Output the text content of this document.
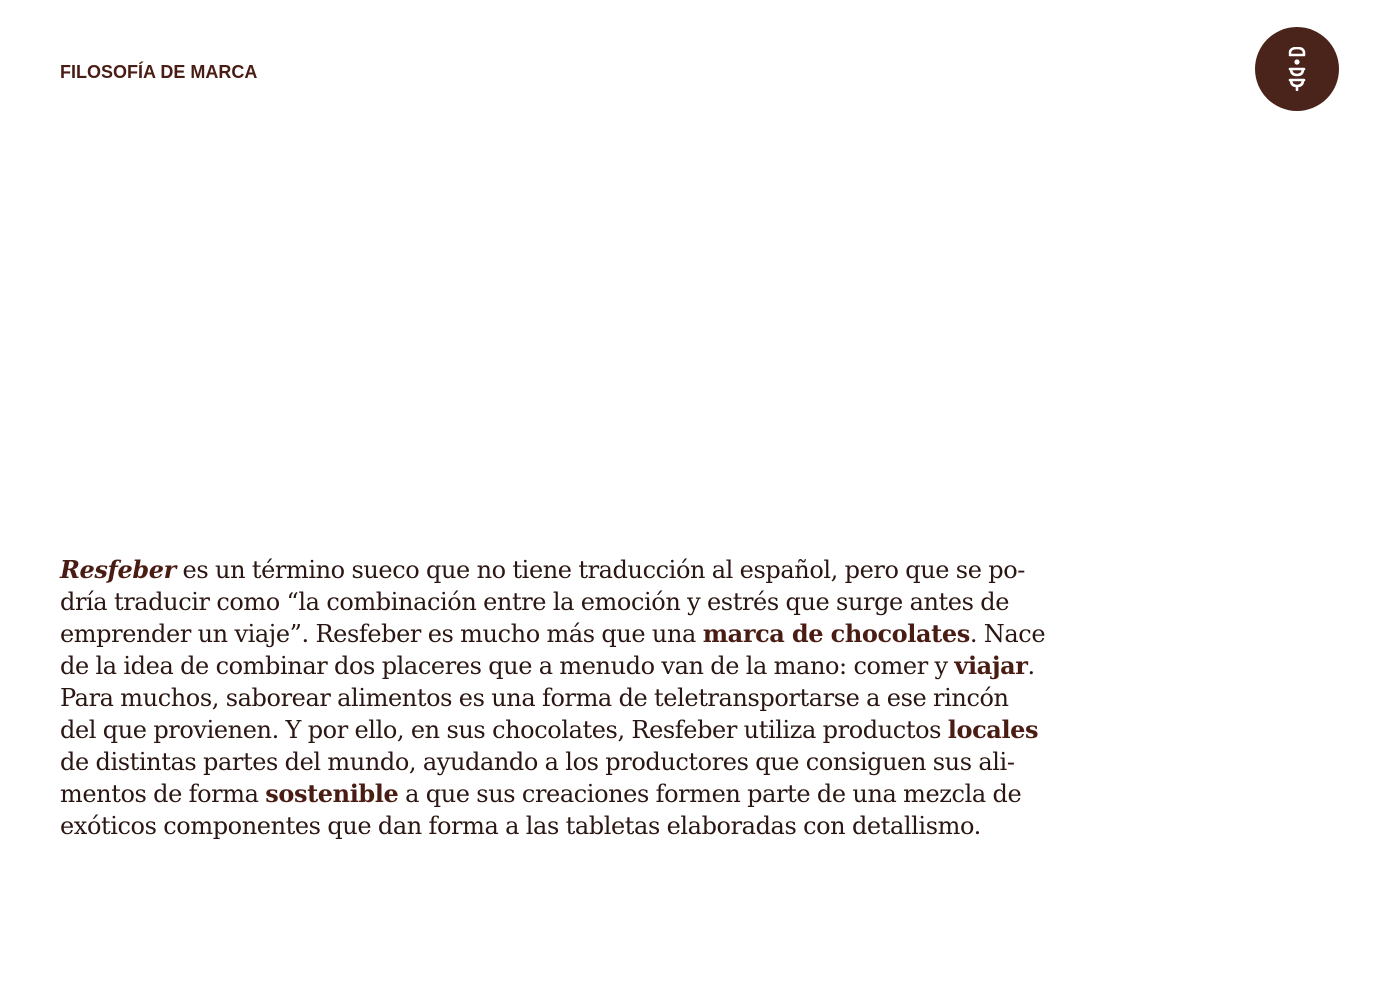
FILOSOFÍA DE MARCA

Resfeber es un término sueco que no tiene traducción al español, pero que se po-
dría traducir como “la combinación entre la emoción y estrés que surge antes de
emprender un viaje”. Resfeber es mucho más que una marca de chocolates. Nace
de la idea de combinar dos placeres que a menudo van de la mano: comer y viajar.
Para muchos, saborear alimentos es una forma de teletransportarse a ese rincón
del que provienen. Y por ello, en sus chocolates, Resfeber utiliza productos locales
de distintas partes del mundo, ayudando a los productores que consiguen sus ali-
mentos de forma sostenible a que sus creaciones formen parte de una mezcla de
exóticos componentes que dan forma a las tabletas elaboradas con detallismo.
